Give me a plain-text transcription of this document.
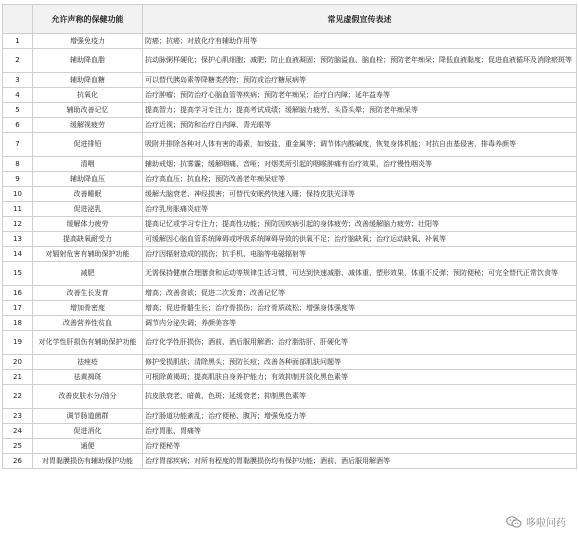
	允许声称的保健功能	常见虚假宣传表述
1	增强免疫力	防癌；抗癌；对放化疗有辅助作用等
2	辅助降血脂	抗动脉粥样硬化；保护心肌细胞；减肥；防止血液凝固；预防脑溢血、脑血栓；预防老年痴呆；降低血液黏度；促进血液循环及消除瘀斑等
3	辅助降血糖	可以替代胰岛素等降糖类药物；预防或治疗糖尿病等
4	抗氧化	治疗肿瘤；预防治疗心脑血管等疾病；预防老年痴呆；治疗白内障；延年益寿等
5	辅助改善记忆	提高智力；提高学习专注力；提高考试成绩；缓解脑力疲劳、头昏头晕；预防老年痴呆等
6	缓解视疲劳	治疗近视；预防和治疗白内障、青光眼等
7	促进排铅	吸附并排除各种对人体有害的毒素，如铵盐、重金属等；调节体内酸碱度，恢复身体机能；对抗自由基侵害，排毒养颜等
8	清咽	辅助戒烟；抗雾霾；缓解咽痛、音哑；对烟类所引起的咽喉肿痛有治疗效果、治疗慢性咽炎等
9	辅助降血压	治疗高血压；抗血栓；预防改善老年痴呆症等
10	改善睡眠	缓解大脑衰老、神经损害；可替代安眠药快速入睡；保持皮肤光泽等
11	促进泌乳	治疗乳房胀痛炎症等
12	缓解体力疲劳	提高记忆或学习专注力；提高性功能；预防因疾病引起的身体疲劳；改善缓解脑力疲劳；壮阳等
13	提高缺氧耐受力	可缓解因心脑血管系统障碍或呼吸系统障碍导致的供氧不足；治疗脑缺氧；治疗运动缺氧、补氧等
14	对辐射危害有辅助保护功能	治疗因辐射造成的损伤；抗手机、电脑等电磁辐射等
15	减肥	无需保持健康合理膳食和运动等规律生活习惯，可达到快速减脂、减体重、塑形效果，体重不反弹；预防便秘；可完全替代正常饮食等
16	改善生长发育	增高；改善食欲；促进二次发育；改善记忆等
17	增加骨密度	增高；促进骨骼生长；治疗骨损伤；治疗骨质疏松；增强身体强度等
18	改善营养性贫血	调节内分泌失调；养颜美容等
19	对化学性肝损伤有辅助保护功能	治疗化学性肝损伤；酒前、酒后服用解酒；治疗脂肪肝、肝硬化等
20	祛痤疮	修护受损肌肤；清除黑头；预防长痘；改善各种面部肌肤问题等
21	祛黄褐斑	可根除黄褐斑；提高肌肤自身养护能力；有效抑制并淡化黑色素等
22	改善皮肤水分/油分	抗皮肤衰老、暗黄、色斑；延缓衰老；抑制黑色素等
23	调节肠道菌群	治疗肠道功能紊乱；治疗便秘、腹泻；增强免疫力等
24	促进消化	治疗胃胀、胃痛等
25	通便	治疗便秘等
26	对胃黏膜损伤有辅助保护功能	治疗胃部疾病；对所有程度的胃黏膜损伤均有保护功能；酒前、酒后服用解酒等
哆啦问药
